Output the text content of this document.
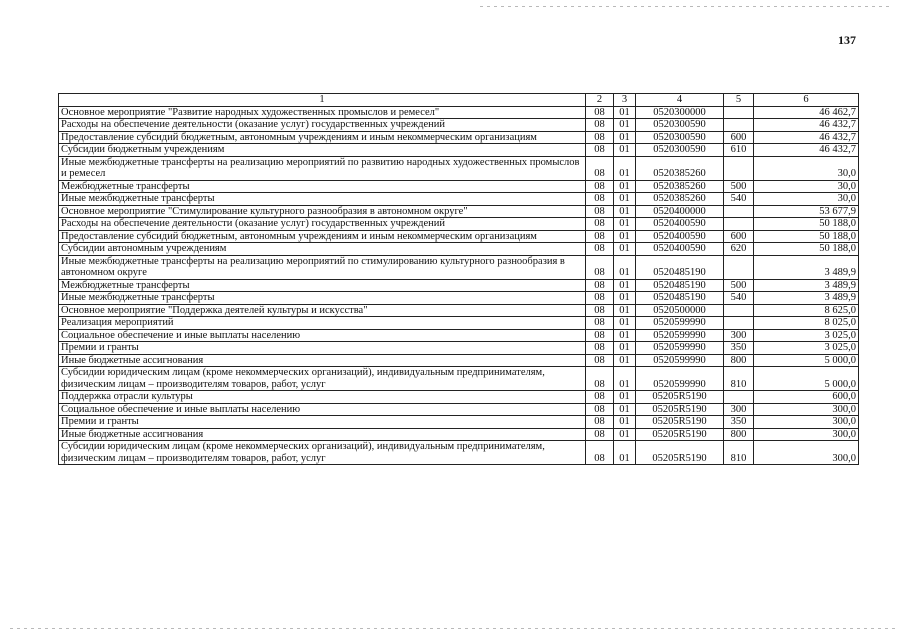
137
1	2	3	4	5	6
Основное мероприятие "Развитие народных художественных промыслов и ремесел"	08	01	0520300000		46 462,7
Расходы на обеспечение деятельности (оказание услуг) государственных учреждений	08	01	0520300590		46 432,7
Предоставление субсидий бюджетным, автономным учреждениям и иным некоммерческим организациям	08	01	0520300590	600	46 432,7
Субсидии бюджетным учреждениям	08	01	0520300590	610	46 432,7
Иные межбюджетные трансферты на реализацию мероприятий по развитию народных художественных промыслов и ремесел	08	01	0520385260		30,0
Межбюджетные трансферты	08	01	0520385260	500	30,0
Иные межбюджетные трансферты	08	01	0520385260	540	30,0
Основное мероприятие "Стимулирование культурного разнообразия в автономном округе"	08	01	0520400000		53 677,9
Расходы на обеспечение деятельности (оказание услуг) государственных учреждений	08	01	0520400590		50 188,0
Предоставление субсидий бюджетным, автономным учреждениям и иным некоммерческим организациям	08	01	0520400590	600	50 188,0
Субсидии автономным учреждениям	08	01	0520400590	620	50 188,0
Иные межбюджетные трансферты на реализацию мероприятий по стимулированию культурного разнообразия в автономном округе	08	01	0520485190		3 489,9
Межбюджетные трансферты	08	01	0520485190	500	3 489,9
Иные межбюджетные трансферты	08	01	0520485190	540	3 489,9
Основное мероприятие "Поддержка деятелей культуры и искусства"	08	01	0520500000		8 625,0
Реализация мероприятий	08	01	0520599990		8 025,0
Социальное обеспечение и иные выплаты населению	08	01	0520599990	300	3 025,0
Премии и гранты	08	01	0520599990	350	3 025,0
Иные бюджетные ассигнования	08	01	0520599990	800	5 000,0
Субсидии юридическим лицам (кроме некоммерческих организаций), индивидуальным предпринимателям, физическим лицам – производителям товаров, работ, услуг	08	01	0520599990	810	5 000,0
Поддержка отрасли культуры	08	01	05205R5190		600,0
Социальное обеспечение и иные выплаты населению	08	01	05205R5190	300	300,0
Премии и гранты	08	01	05205R5190	350	300,0
Иные бюджетные ассигнования	08	01	05205R5190	800	300,0
Субсидии юридическим лицам (кроме некоммерческих организаций), индивидуальным предпринимателям, физическим лицам – производителям товаров, работ, услуг	08	01	05205R5190	810	300,0
